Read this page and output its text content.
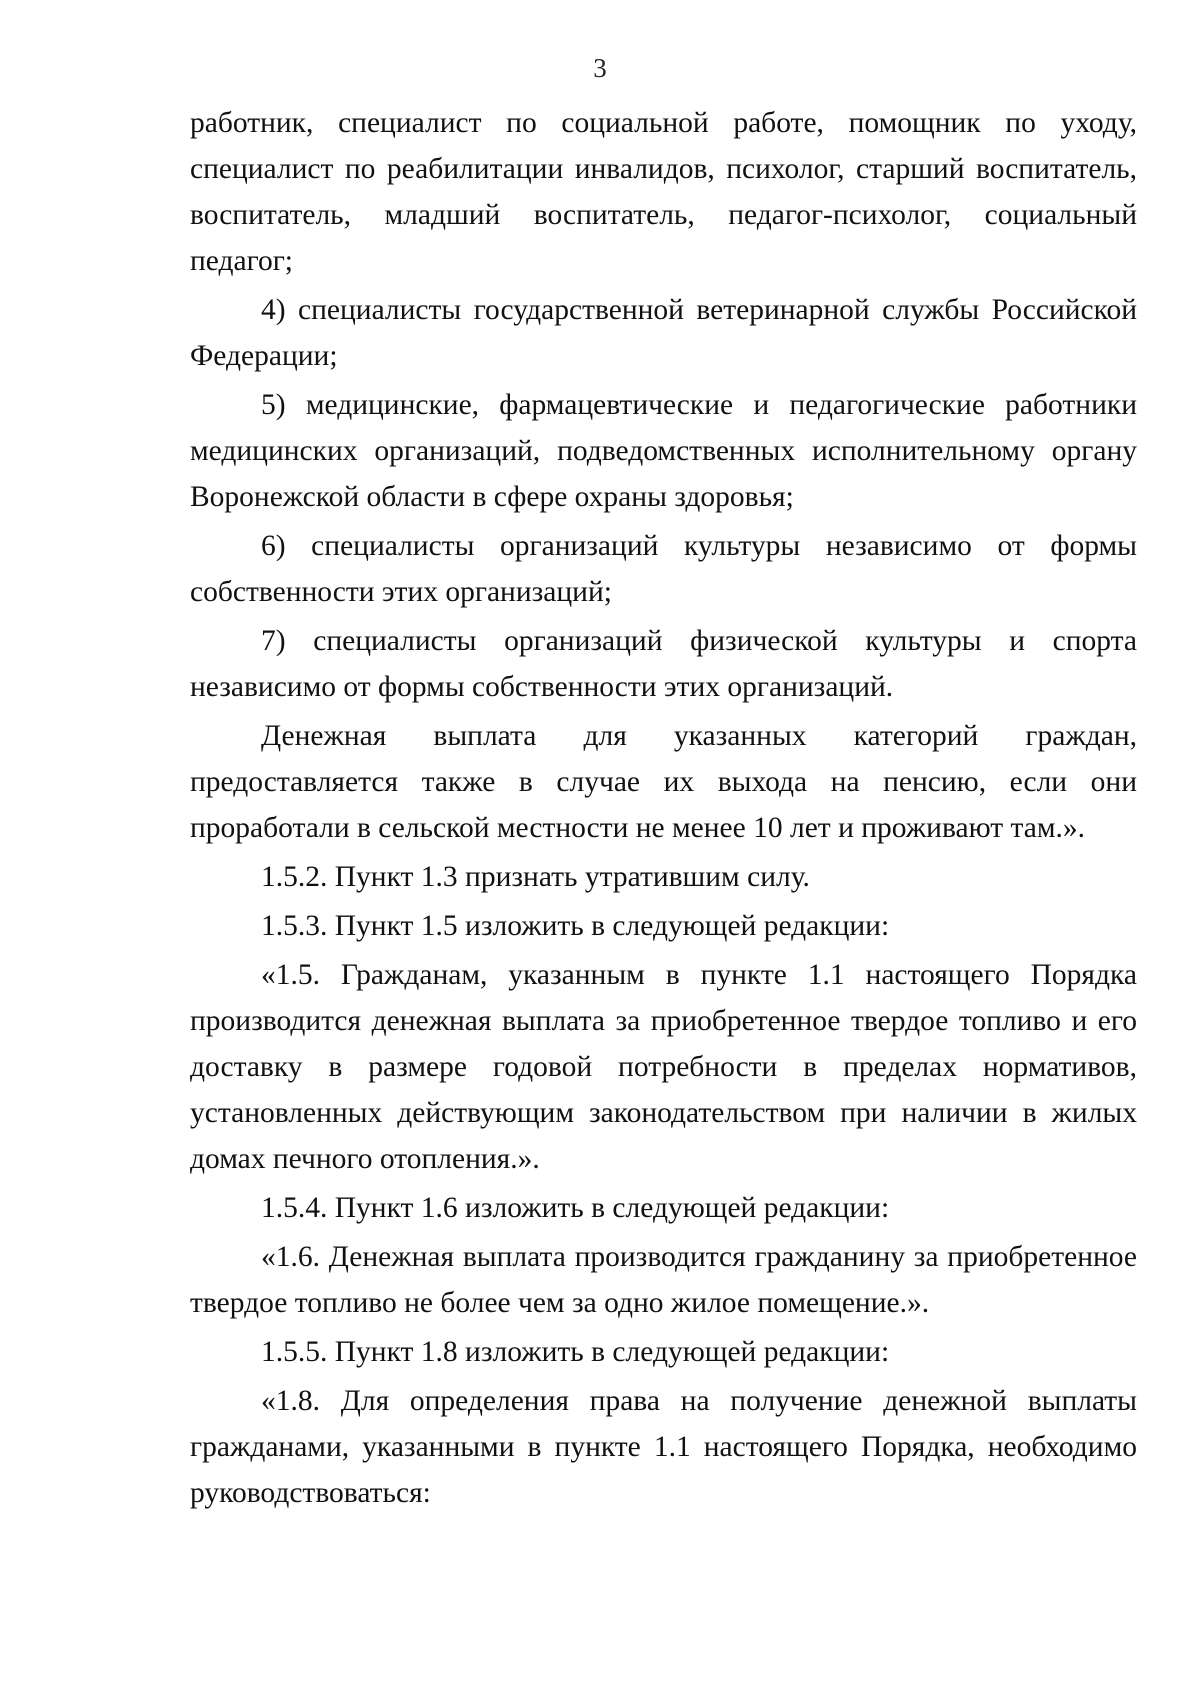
3

работник, специалист по социальной работе, помощник по уходу, специалист по реабилитации инвалидов, психолог, старший воспитатель, воспитатель, младший воспитатель, педагог-психолог, социальный педагог;

4) специалисты государственной ветеринарной службы Российской Федерации;

5) медицинские, фармацевтические и педагогические работники медицинских организаций, подведомственных исполнительному органу Воронежской области в сфере охраны здоровья;

6) специалисты организаций культуры независимо от формы собственности этих организаций;

7) специалисты организаций физической культуры и спорта независимо от формы собственности этих организаций.

Денежная выплата для указанных категорий граждан, предоставляется также в случае их выхода на пенсию, если они проработали в сельской местности не менее 10 лет и проживают там.».

1.5.2. Пункт 1.3 признать утратившим силу.

1.5.3. Пункт 1.5 изложить в следующей редакции:

«1.5. Гражданам, указанным в пункте 1.1 настоящего Порядка производится денежная выплата за приобретенное твердое топливо и его доставку в размере годовой потребности в пределах нормативов, установленных действующим законодательством при наличии в жилых домах печного отопления.».

1.5.4. Пункт 1.6 изложить в следующей редакции:

«1.6. Денежная выплата производится гражданину за приобретенное твердое топливо не более чем за одно жилое помещение.».

1.5.5. Пункт 1.8 изложить в следующей редакции:

«1.8. Для определения права на получение денежной выплаты гражданами, указанными в пункте 1.1 настоящего Порядка, необходимо руководствоваться:
